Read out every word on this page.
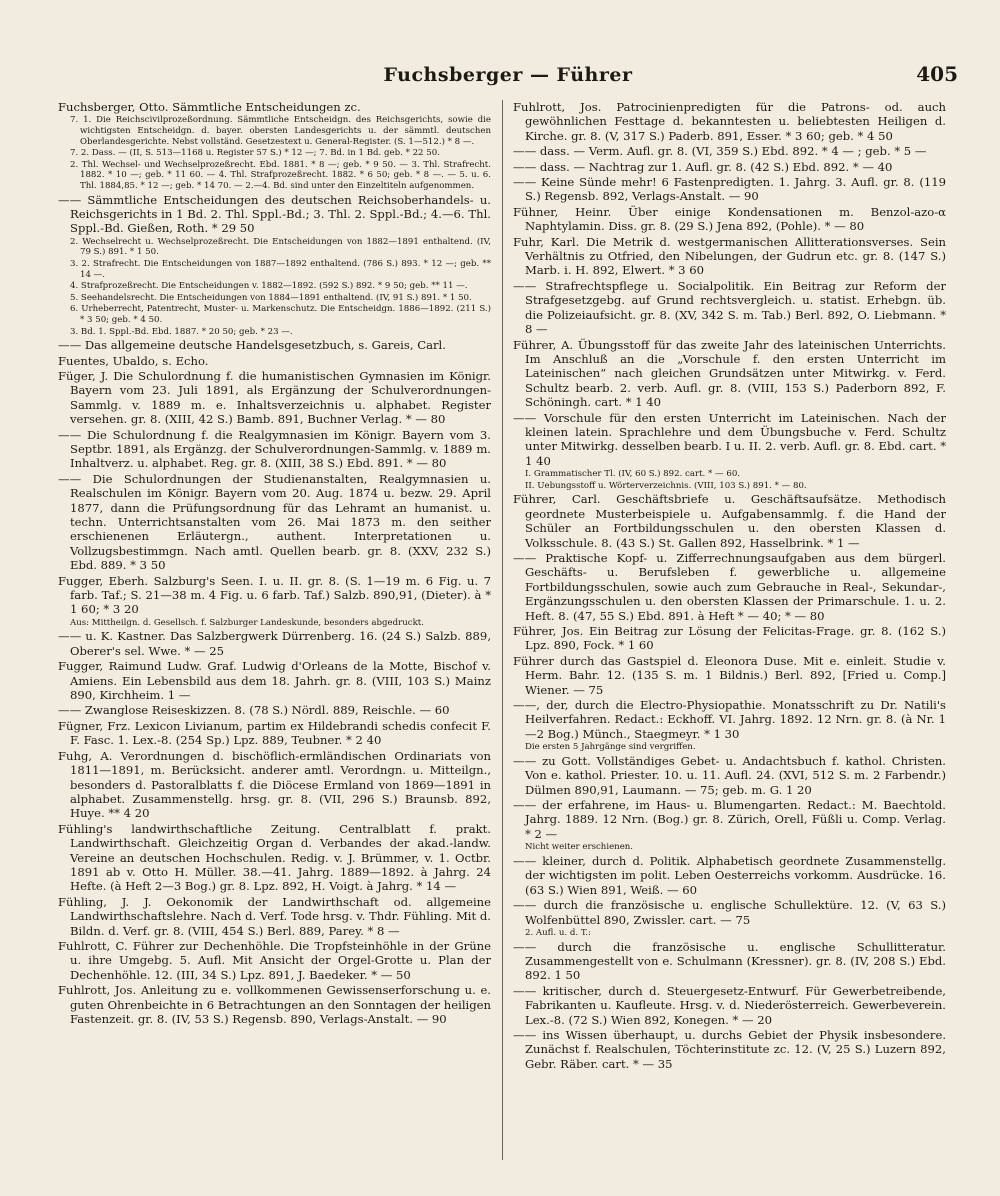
Fuchsberger — Führer	405

Fuchsberger, Otto. Sämmtliche Entscheidungen zc.

7. 1. Die Reichscivilprozeßordnung. Sämmtliche Entscheidgn. des Reichsgerichts, sowie die wichtigsten Entscheidgn. d. bayer. obersten Landesgerichts u. der sämmtl. deutschen Oberlandesgerichte. Nebst vollständ. Gesetzestext u. General-Register. (S. 1—512.) * 8 —.

7. 2. Dass. — (II, S. 513—1168 u. Register 57 S.) * 12 —; 7. Bd. in 1 Bd. geb. * 22 50.

2. Thl. Wechsel- und Wechselprozeßrecht. Ebd. 1881. * 8 —; geb. * 9 50. — 3. Thl. Strafrecht. 1882. * 10 —; geb. * 11 60. — 4. Thl. Strafprozeßrecht. 1882. * 6 50; geb. * 8 —. — 5. u. 6. Thl. 1884,85. * 12 —; geb. * 14 70. — 2.—4. Bd. sind unter den Einzeltiteln aufgenommen.

—— Sämmtliche Entscheidungen des deutschen Reichsoberhandels- u. Reichsgerichts in 1 Bd. 2. Thl. Sppl.-Bd.; 3. Thl. 2. Sppl.-Bd.; 4.—6. Thl. Sppl.-Bd. Gießen, Roth. * 29 50

2. Wechselrecht u. Wechselprozeßrecht. Die Entscheidungen von 1882—1891 enthaltend. (IV, 79 S.) 891. * 1 50.

3. 2. Strafrecht. Die Entscheidungen von 1887—1892 enthaltend. (786 S.) 893. * 12 —; geb. ** 14 —.

4. Strafprozeßrecht. Die Entscheidungen v. 1882—1892. (592 S.) 892. * 9 50; geb. ** 11 —.

5. Seehandelsrecht. Die Entscheidungen von 1884—1891 enthaltend. (IV, 91 S.) 891. * 1 50.

6. Urheberrecht, Patentrecht, Muster- u. Markenschutz. Die Entscheidgn. 1886—1892. (211 S.) * 3 50; geb. * 4 50.

3. Bd. 1. Sppl.-Bd. Ebd. 1887. * 20 50; geb. * 23 —.

—— Das allgemeine deutsche Handelsgesetzbuch, s. Gareis, Carl.

Fuentes, Ubaldo, s. Echo.

Füger, J. Die Schulordnung f. die humanistischen Gymnasien im Königr. Bayern vom 23. Juli 1891, als Ergänzung der Schulverordnungen-Sammlg. v. 1889 m. e. Inhaltsverzeichnis u. alphabet. Register versehen. gr. 8. (XIII, 42 S.) Bamb. 891, Buchner Verlag. * — 80

—— Die Schulordnung f. die Realgymnasien im Königr. Bayern vom 3. Septbr. 1891, als Ergänzg. der Schulverordnungen-Sammlg. v. 1889 m. Inhaltverz. u. alphabet. Reg. gr. 8. (XIII, 38 S.) Ebd. 891. * — 80

—— Die Schulordnungen der Studienanstalten, Realgymnasien u. Realschulen im Königr. Bayern vom 20. Aug. 1874 u. bezw. 29. April 1877, dann die Prüfungsordnung für das Lehramt an humanist. u. techn. Unterrichtsanstalten vom 26. Mai 1873 m. den seither erschienenen Erläutergn., authent. Interpretationen u. Vollzugsbestimmgn. Nach amtl. Quellen bearb. gr. 8. (XXV, 232 S.) Ebd. 889. * 3 50

Fugger, Eberh. Salzburg's Seen. I. u. II. gr. 8. (S. 1—19 m. 6 Fig. u. 7 farb. Taf.; S. 21—38 m. 4 Fig. u. 6 farb. Taf.) Salzb. 890,91, (Dieter). à * 1 60; * 3 20

Aus: Mittheilgn. d. Gesellsch. f. Salzburger Landeskunde, besonders abgedruckt.

—— u. K. Kastner. Das Salzbergwerk Dürrenberg. 16. (24 S.) Salzb. 889, Oberer's sel. Wwe. * — 25

Fugger, Raimund Ludw. Graf. Ludwig d'Orleans de la Motte, Bischof v. Amiens. Ein Lebensbild aus dem 18. Jahrh. gr. 8. (VIII, 103 S.) Mainz 890, Kirchheim. 1 —

—— Zwanglose Reiseskizzen. 8. (78 S.) Nördl. 889, Reischle. — 60

Fügner, Frz. Lexicon Livianum, partim ex Hildebrandi schedis confecit F. F. Fasc. 1. Lex.-8. (254 Sp.) Lpz. 889, Teubner. * 2 40

Fuhg, A. Verordnungen d. bischöflich-ermländischen Ordinariats von 1811—1891, m. Berücksicht. anderer amtl. Verordngn. u. Mitteilgn., besonders d. Pastoralblatts f. die Diöcese Ermland von 1869—1891 in alphabet. Zusammenstellg. hrsg. gr. 8. (VII, 296 S.) Braunsb. 892, Huye. ** 4 20

Fühling's landwirthschaftliche Zeitung. Centralblatt f. prakt. Landwirthschaft. Gleichzeitig Organ d. Verbandes der akad.-landw. Vereine an deutschen Hochschulen. Redig. v. J. Brümmer, v. 1. Octbr. 1891 ab v. Otto H. Müller. 38.—41. Jahrg. 1889—1892. à Jahrg. 24 Hefte. (à Heft 2—3 Bog.) gr. 8. Lpz. 892, H. Voigt. à Jahrg. * 14 —

Fühling, J. J. Oekonomik der Landwirthschaft od. allgemeine Landwirthschaftslehre. Nach d. Verf. Tode hrsg. v. Thdr. Fühling. Mit d. Bildn. d. Verf. gr. 8. (VIII, 454 S.) Berl. 889, Parey. * 8 —

Fuhlrott, C. Führer zur Dechenhöhle. Die Tropfsteinhöhle in der Grüne u. ihre Umgebg. 5. Aufl. Mit Ansicht der Orgel-Grotte u. Plan der Dechenhöhle. 12. (III, 34 S.) Lpz. 891, J. Baedeker. * — 50

Fuhlrott, Jos. Anleitung zu e. vollkommenen Gewissenserforschung u. e. guten Ohrenbeichte in 6 Betrachtungen an den Sonntagen der heiligen Fastenzeit. gr. 8. (IV, 53 S.) Regensb. 890, Verlags-Anstalt. — 90

Fuhlrott, Jos. Patrocinienpredigten für die Patrons- od. auch gewöhnlichen Festtage d. bekanntesten u. beliebtesten Heiligen d. Kirche. gr. 8. (V, 317 S.) Paderb. 891, Esser. * 3 60; geb. * 4 50

—— dass. — Verm. Aufl. gr. 8. (VI, 359 S.) Ebd. 892. * 4 — ; geb. * 5 —

—— dass. — Nachtrag zur 1. Aufl. gr. 8. (42 S.) Ebd. 892. * — 40

—— Keine Sünde mehr! 6 Fastenpredigten. 1. Jahrg. 3. Aufl. gr. 8. (119 S.) Regensb. 892, Verlags-Anstalt. — 90

Fühner, Heinr. Über einige Kondensationen m. Benzol-azo-α Naphtylamin. Diss. gr. 8. (29 S.) Jena 892, (Pohle). * — 80

Fuhr, Karl. Die Metrik d. westgermanischen Allitterationsverses. Sein Verhältnis zu Otfried, den Nibelungen, der Gudrun etc. gr. 8. (147 S.) Marb. i. H. 892, Elwert. * 3 60

—— Strafrechtspflege u. Socialpolitik. Ein Beitrag zur Reform der Strafgesetzgebg. auf Grund rechtsvergleich. u. statist. Erhebgn. üb. die Polizeiaufsicht. gr. 8. (XV, 342 S. m. Tab.) Berl. 892, O. Liebmann. * 8 —

Führer, A. Übungsstoff für das zweite Jahr des lateinischen Unterrichts. Im Anschluß an die „Vorschule f. den ersten Unterricht im Lateinischen“ nach gleichen Grundsätzen unter Mitwirkg. v. Ferd. Schultz bearb. 2. verb. Aufl. gr. 8. (VIII, 153 S.) Paderborn 892, F. Schöningh. cart. * 1 40

—— Vorschule für den ersten Unterricht im Lateinischen. Nach der kleinen latein. Sprachlehre und dem Übungsbuche v. Ferd. Schultz unter Mitwirkg. desselben bearb. I u. II. 2. verb. Aufl. gr. 8. Ebd. cart. * 1 40

I. Grammatischer Tl. (IV, 60 S.) 892. cart. * — 60.

II. Uebungsstoff u. Wörterverzeichnis. (VIII, 103 S.) 891. * — 80.

Führer, Carl. Geschäftsbriefe u. Geschäftsaufsätze. Methodisch geordnete Musterbeispiele u. Aufgabensammlg. f. die Hand der Schüler an Fortbildungsschulen u. den obersten Klassen d. Volksschule. 8. (43 S.) St. Gallen 892, Hasselbrink. * 1 —

—— Praktische Kopf- u. Zifferrechnungsaufgaben aus dem bürgerl. Geschäfts- u. Berufsleben f. gewerbliche u. allgemeine Fortbildungsschulen, sowie auch zum Gebrauche in Real-, Sekundar-, Ergänzungsschulen u. den obersten Klassen der Primarschule. 1. u. 2. Heft. 8. (47, 55 S.) Ebd. 891. à Heft * — 40; * — 80

Führer, Jos. Ein Beitrag zur Lösung der Felicitas-Frage. gr. 8. (162 S.) Lpz. 890, Fock. * 1 60

Führer durch das Gastspiel d. Eleonora Duse. Mit e. einleit. Studie v. Herm. Bahr. 12. (135 S. m. 1 Bildnis.) Berl. 892, [Fried u. Comp.] Wiener. — 75

——, der, durch die Electro-Physiopathie. Monatsschrift zu Dr. Natili's Heilverfahren. Redact.: Eckhoff. VI. Jahrg. 1892. 12 Nrn. gr. 8. (à Nr. 1—2 Bog.) Münch., Staegmeyr. * 1 30

Die ersten 5 Jahrgänge sind vergriffen.

—— zu Gott. Vollständiges Gebet- u. Andachtsbuch f. kathol. Christen. Von e. kathol. Priester. 10. u. 11. Aufl. 24. (XVI, 512 S. m. 2 Farbendr.) Dülmen 890,91, Laumann. — 75; geb. m. G. 1 20

—— der erfahrene, im Haus- u. Blumengarten. Redact.: M. Baechtold. Jahrg. 1889. 12 Nrn. (Bog.) gr. 8. Zürich, Orell, Füßli u. Comp. Verlag. * 2 —

Nicht weiter erschienen.

—— kleiner, durch d. Politik. Alphabetisch geordnete Zusammenstellg. der wichtigsten im polit. Leben Oesterreichs vorkomm. Ausdrücke. 16. (63 S.) Wien 891, Weiß. — 60

—— durch die französische u. englische Schullektüre. 12. (V, 63 S.) Wolfenbüttel 890, Zwissler. cart. — 75

2. Aufl. u. d. T.:

—— durch die französische u. englische Schullitteratur. Zusammengestellt von e. Schulmann (Kressner). gr. 8. (IV, 208 S.) Ebd. 892. 1 50

—— kritischer, durch d. Steuergesetz-Entwurf. Für Gewerbetreibende, Fabrikanten u. Kaufleute. Hrsg. v. d. Niederösterreich. Gewerbeverein. Lex.-8. (72 S.) Wien 892, Konegen. * — 20

—— ins Wissen überhaupt, u. durchs Gebiet der Physik insbesondere. Zunächst f. Realschulen, Töchterinstitute zc. 12. (V, 25 S.) Luzern 892, Gebr. Räber. cart. * — 35
